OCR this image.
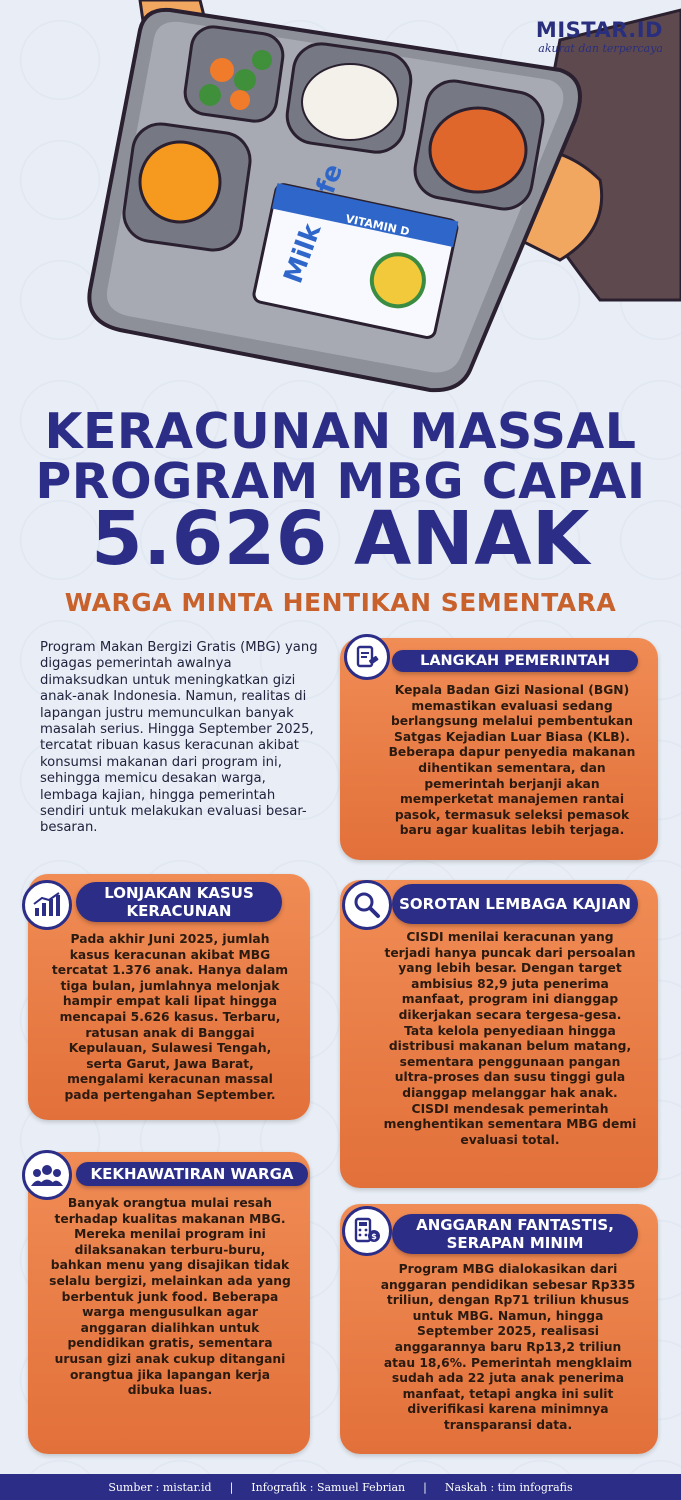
Milk Life
VITAMIN D
MISTAR.ID
akurat dan terpercaya
KERACUNAN MASSAL
PROGRAM MBG CAPAI
5.626 ANAK
WARGA MINTA HENTIKAN SEMENTARA
Program Makan Bergizi Gratis (MBG) yang digagas pemerintah awalnya dimaksudkan untuk meningkatkan gizi anak-anak Indonesia. Namun, realitas di lapangan justru memunculkan banyak masalah serius. Hingga September 2025, tercatat ribuan kasus keracunan akibat konsumsi makanan dari program ini, sehingga memicu desakan warga, lembaga kajian, hingga pemerintah sendiri untuk melakukan evaluasi besar-besaran.
LANGKAH PEMERINTAH
Kepala Badan Gizi Nasional (BGN) memastikan evaluasi sedang berlangsung melalui pembentukan Satgas Kejadian Luar Biasa (KLB). Beberapa dapur penyedia makanan dihentikan sementara, dan pemerintah berjanji akan memperketat manajemen rantai pasok, termasuk seleksi pemasok baru agar kualitas lebih terjaga.
LONJAKAN KASUS KERACUNAN
Pada akhir Juni 2025, jumlah kasus keracunan akibat MBG tercatat 1.376 anak. Hanya dalam tiga bulan, jumlahnya melonjak hampir empat kali lipat hingga mencapai 5.626 kasus. Terbaru, ratusan anak di Banggai Kepulauan, Sulawesi Tengah, serta Garut, Jawa Barat, mengalami keracunan massal pada pertengahan September.
SOROTAN LEMBAGA KAJIAN
CISDI menilai keracunan yang terjadi hanya puncak dari persoalan yang lebih besar. Dengan target ambisius 82,9 juta penerima manfaat, program ini dianggap dikerjakan secara tergesa-gesa. Tata kelola penyediaan hingga distribusi makanan belum matang, sementara penggunaan pangan ultra-proses dan susu tinggi gula dianggap melanggar hak anak. CISDI mendesak pemerintah menghentikan sementara MBG demi evaluasi total.
KEKHAWATIRAN WARGA
Banyak orangtua mulai resah terhadap kualitas makanan MBG. Mereka menilai program ini dilaksanakan terburu-buru, bahkan menu yang disajikan tidak selalu bergizi, melainkan ada yang berbentuk junk food. Beberapa warga mengusulkan agar anggaran dialihkan untuk pendidikan gratis, sementara urusan gizi anak cukup ditangani orangtua jika lapangan kerja dibuka luas.
ANGGARAN FANTASTIS, SERAPAN MINIM
$
Program MBG dialokasikan dari anggaran pendidikan sebesar Rp335 triliun, dengan Rp71 triliun khusus untuk MBG. Namun, hingga September 2025, realisasi anggarannya baru Rp13,2 triliun atau 18,6%. Pemerintah mengklaim sudah ada 22 juta anak penerima manfaat, tetapi angka ini sulit diverifikasi karena minimnya transparansi data.
Sumber : mistar.id | Infografik : Samuel Febrian | Naskah : tim infografis
